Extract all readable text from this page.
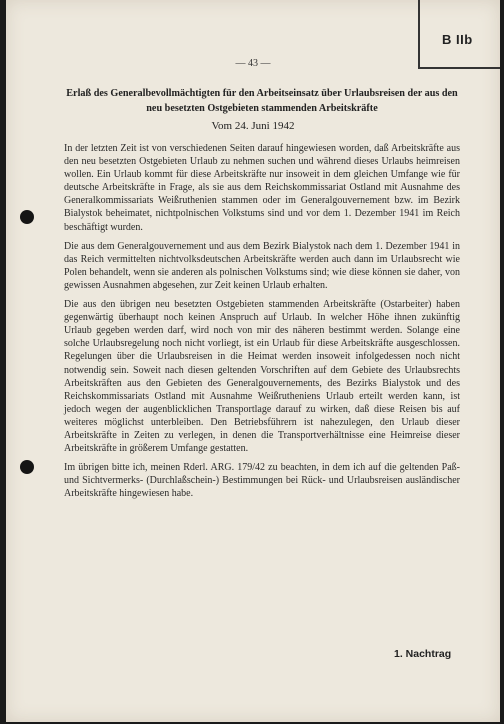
B IIb
— 43 —
Erlaß des Generalbevollmächtigten für den Arbeitseinsatz über Urlaubsreisen der aus den neu besetzten Ostgebieten stammenden Arbeitskräfte
Vom 24. Juni 1942

In der letzten Zeit ist von verschiedenen Seiten darauf hingewiesen worden, daß Arbeitskräfte aus den neu besetzten Ostgebieten Urlaub zu nehmen suchen und während dieses Urlaubs heimreisen wollen. Ein Urlaub kommt für diese Arbeitskräfte nur insoweit in dem gleichen Umfange wie für deutsche Arbeitskräfte in Frage, als sie aus dem Reichskommissariat Ostland mit Ausnahme des Generalkommissariats Weißruthenien stammen oder im Generalgouvernement bzw. im Bezirk Bialystok beheimatet, nichtpolnischen Volkstums sind und vor dem 1. Dezember 1941 im Reich beschäftigt wurden.

Die aus dem Generalgouvernement und aus dem Bezirk Bialystok nach dem 1. Dezember 1941 in das Reich vermittelten nichtvolksdeutschen Arbeitskräfte werden auch dann im Urlaubsrecht wie Polen behandelt, wenn sie anderen als polnischen Volkstums sind; wie diese können sie daher, von gewissen Ausnahmen abgesehen, zur Zeit keinen Urlaub erhalten.

Die aus den übrigen neu besetzten Ostgebieten stammenden Arbeitskräfte (Ostarbeiter) haben gegenwärtig überhaupt noch keinen Anspruch auf Urlaub. In welcher Höhe ihnen zukünftig Urlaub gegeben werden darf, wird noch von mir des näheren bestimmt werden. Solange eine solche Urlaubsregelung noch nicht vorliegt, ist ein Urlaub für diese Arbeitskräfte ausgeschlossen. Regelungen über die Urlaubsreisen in die Heimat werden insoweit infolgedessen noch nicht notwendig sein. Soweit nach diesen geltenden Vorschriften auf dem Gebiete des Urlaubsrechts Arbeitskräften aus den Gebieten des Generalgouvernements, des Bezirks Bialystok und des Reichskommissariats Ostland mit Ausnahme Weißrutheniens Urlaub erteilt werden kann, ist jedoch wegen der augenblicklichen Transportlage darauf zu wirken, daß diese Reisen bis auf weiteres möglichst unterbleiben. Den Betriebsführern ist nahezulegen, den Urlaub dieser Arbeitskräfte in Zeiten zu verlegen, in denen die Transportverhältnisse eine Heimreise dieser Arbeitskräfte in größerem Umfange gestatten.

Im übrigen bitte ich, meinen Rderl. ARG. 179/42 zu beachten, in dem ich auf die geltenden Paß- und Sichtvermerks- (Durchlaßschein-) Bestimmungen bei Rück- und Urlaubsreisen ausländischer Arbeitskräfte hingewiesen habe.

1. Nachtrag
